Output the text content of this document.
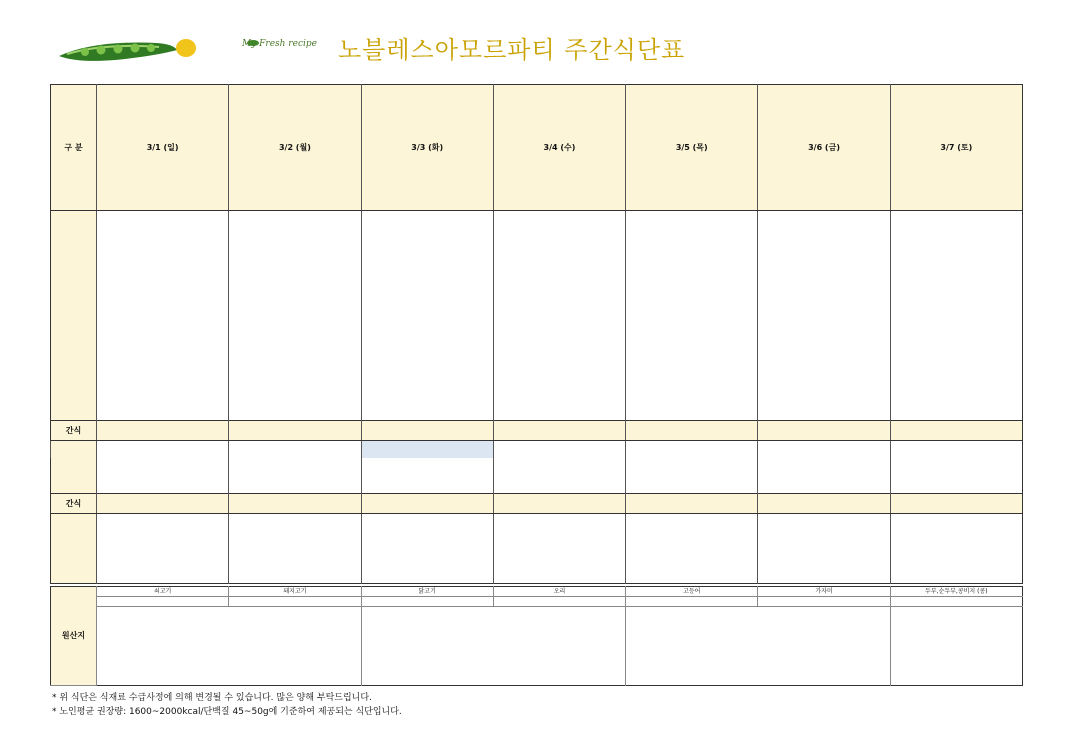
My Fresh recipe 노블레스아모르파티 주간식단표
구 분	3/1 (일)	3/2 (월)	3/3 (화)	3/4 (수)	3/5 (목)	3/6 (금)	3/7 (토)

간식							

간식							

원산지	쇠고기	돼지고기	닭고기	오리	고등어	가자미	두부,순두부,콩비지 (콩)

* 위 식단은 식재료 수급사정에 의해 변경될 수 있습니다. 많은 양해 부탁드립니다.
* 노인평균 권장량: 1600~2000kcal/단백질 45~50g에 기준하여 제공되는 식단입니다.
